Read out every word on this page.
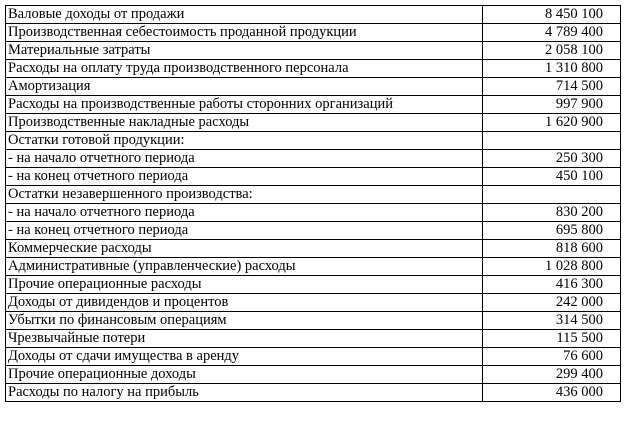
Валовые доходы от продажи	8 450 100
Производственная себестоимость проданной продукции	4 789 400
Материальные затраты	2 058 100
Расходы на оплату труда производственного персонала	1 310 800
Амортизация	714 500
Расходы на производственные работы сторонних организаций	997 900
Производственные накладные расходы	1 620 900
Остатки готовой продукции:	
- на начало отчетного периода	250 300
- на конец отчетного периода	450 100
Остатки незавершенного производства:	
- на начало отчетного периода	830 200
- на конец отчетного периода	695 800
Коммерческие расходы	818 600
Административные (управленческие) расходы	1 028 800
Прочие операционные расходы	416 300
Доходы от дивидендов и процентов	242 000
Убытки по финансовым операциям	314 500
Чрезвычайные потери	115 500
Доходы от сдачи имущества в аренду	76 600
Прочие операционные доходы	299 400
Расходы по налогу на прибыль	436 000
